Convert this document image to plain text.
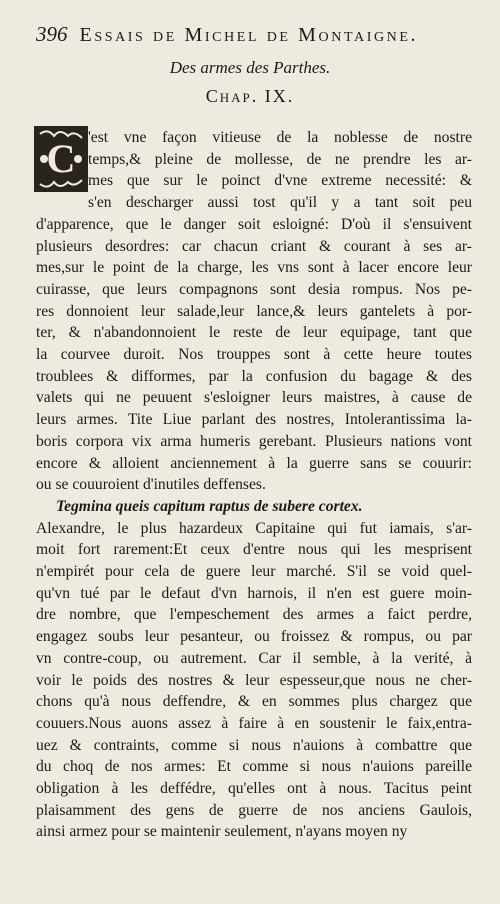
396 Essais de Michel de Montaigne.
Des armes des Parthes.
Chap. IX.
C 'est vne façon vitieuse de la noblesse de nostre
temps,& pleine de mollesse, de ne prendre les ar-
mes que sur le poinct d'vne extreme necessité: &
s'en descharger aussi tost qu'il y a tant soit peu
d'apparence, que le danger soit esloigné: D'où il s'ensuivent
plusieurs desordres: car chacun criant & courant à ses ar-
mes,sur le point de la charge, les vns sont à lacer encore leur
cuirasse, que leurs compagnons sont desia rompus. Nos pe-
res donnoient leur salade,leur lance,& leurs gantelets à por-
ter, & n'abandonnoient le reste de leur equipage, tant que
la courvee duroit. Nos trouppes sont à cette heure toutes
troublees & difformes, par la confusion du bagage & des
valets qui ne peuuent s'esloigner leurs maistres, à cause de
leurs armes. Tite Liue parlant des nostres, Intolerantissima la-
boris corpora vix arma humeris gerebant. Plusieurs nations vont
encore & alloient anciennement à la guerre sans se couurir:
ou se couuroient d'inutiles deffenses.
Tegmina queis capitum raptus de subere cortex.
Alexandre, le plus hazardeux Capitaine qui fut iamais, s'ar-
moit fort rarement:Et ceux d'entre nous qui les mesprisent
n'empirét pour cela de guere leur marché. S'il se void quel-
qu'vn tué par le defaut d'vn harnois, il n'en est guere moin-
dre nombre, que l'empeschement des armes a faict perdre,
engagez soubs leur pesanteur, ou froissez & rompus, ou par
vn contre-coup, ou autrement. Car il semble, à la verité, à
voir le poids des nostres & leur espesseur,que nous ne cher-
chons qu'à nous deffendre, & en sommes plus chargez que
couuers.Nous auons assez à faire à en soustenir le faix,entra-
uez & contraints, comme si nous n'auions à combattre que
du choq de nos armes: Et comme si nous n'auions pareille
obligation à les deffédre, qu'elles ont à nous. Tacitus peint
plaisamment des gens de guerre de nos anciens Gaulois,
ainsi armez pour se maintenir seulement, n'ayans moyen ny
